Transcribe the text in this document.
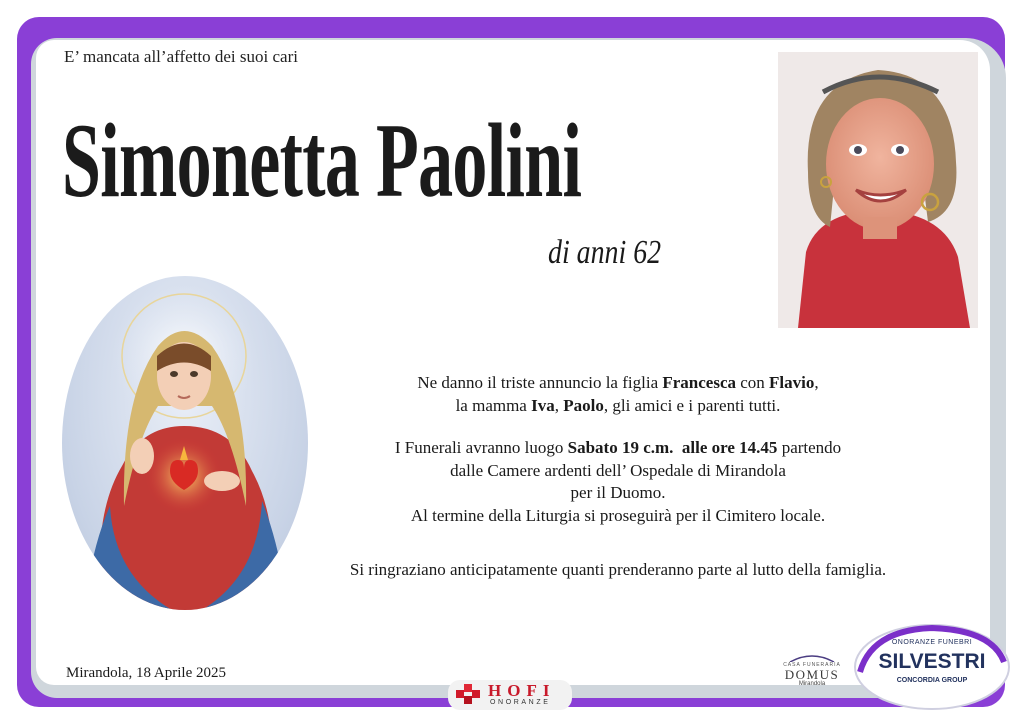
E’ mancata all’affetto dei suoi cari
Simonetta Paolini
di anni 62

Ne danno il triste annuncio la figlia Francesca con Flavio,

la mamma Iva, Paolo, gli amici e i parenti tutti.

I Funerali avranno luogo Sabato 19 c.m.  alle ore 14.45 partendo

dalle Camere ardenti dell’ Ospedale di Mirandola

per il Duomo.

Al termine della Liturgia si proseguirà per il Cimitero locale.

Si ringraziano anticipatamente quanti prenderanno parte al lutto della famiglia.

Mirandola, 18 Aprile 2025
HOFI
ONORANZE
CASA FUNERARIA
DOMUS
Mirandola
ONORANZE FUNEBRI
SILVESTRI
CONCORDIA GROUP
